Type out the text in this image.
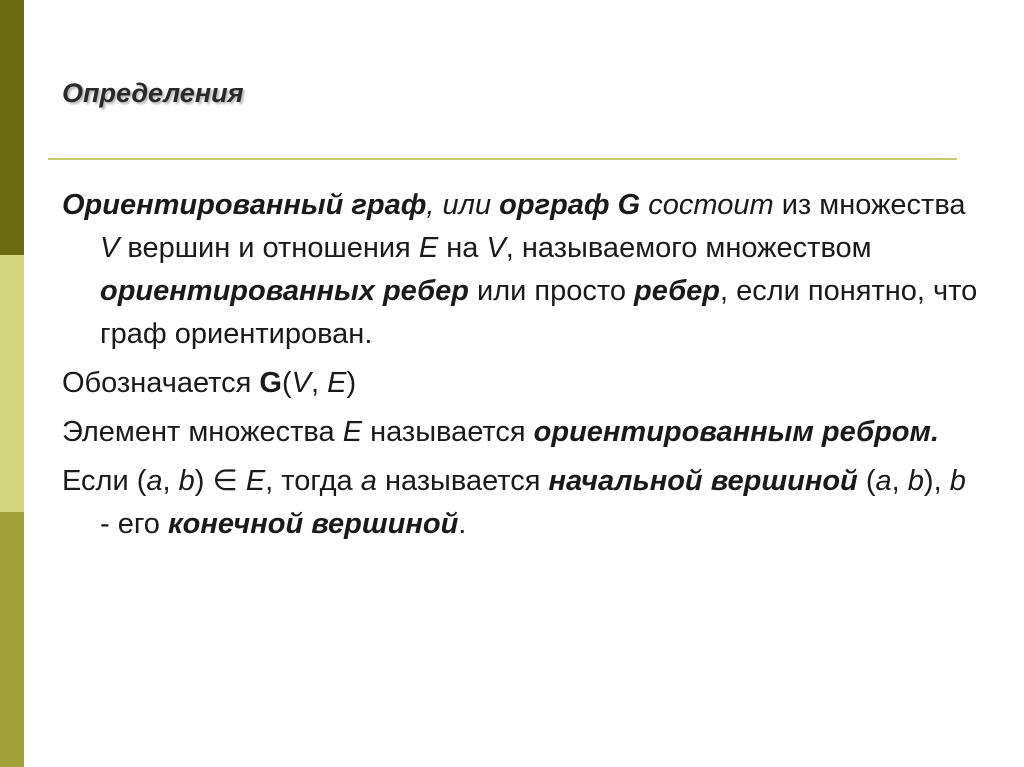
Определения

Ориентированный граф, или орграф G состоит из множества V вершин и отношения E на V, называемого множеством ориентированных ребер или просто ребер, если понятно, что граф ориентирован.

Обозначается G(V, E)

Элемент множества E называется ориентированным ребром.

Если (a, b) ∈ E, тогда a называется начальной вершиной (a, b), b - его конечной вершиной.
